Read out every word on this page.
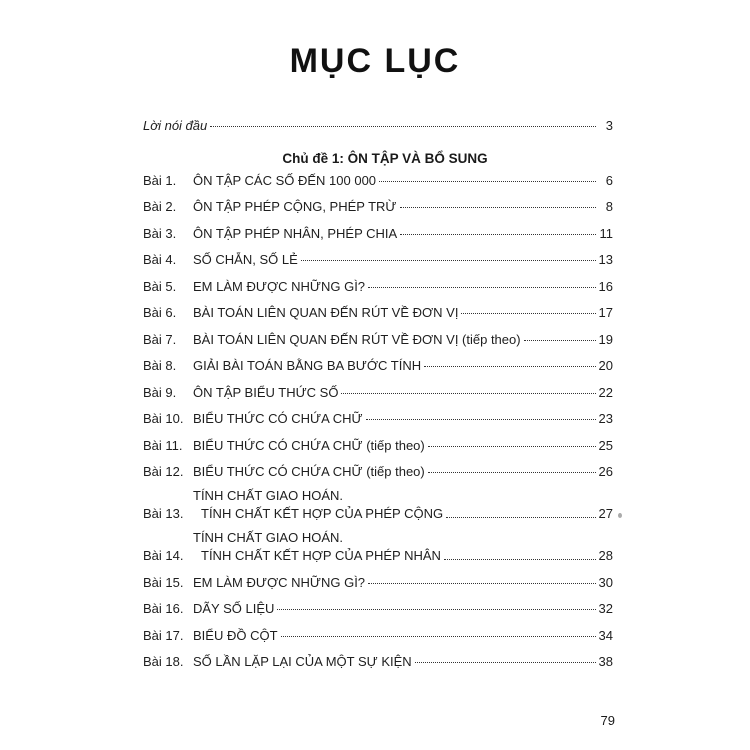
MỤC LỤC
Lời nói đầu	3
Chủ đề 1: ÔN TẬP VÀ BỔ SUNG
Bài 1.	ÔN TẬP CÁC SỐ ĐẾN 100 000	6
Bài 2.	ÔN TẬP PHÉP CỘNG, PHÉP TRỪ	8
Bài 3.	ÔN TẬP PHÉP NHÂN, PHÉP CHIA	11
Bài 4.	SỐ CHẴN, SỐ LẺ	13
Bài 5.	EM LÀM ĐƯỢC NHỮNG GÌ?	16
Bài 6.	BÀI TOÁN LIÊN QUAN ĐẾN RÚT VỀ ĐƠN VỊ	17
Bài 7.	BÀI TOÁN LIÊN QUAN ĐẾN RÚT VỀ ĐƠN VỊ (tiếp theo)	19
Bài 8.	GIẢI BÀI TOÁN BẰNG BA BƯỚC TÍNH	20
Bài 9.	ÔN TẬP BIỂU THỨC SỐ	22
Bài 10. BIỂU THỨC CÓ CHỨA CHỮ	23
Bài 11. BIỂU THỨC CÓ CHỨA CHỮ (tiếp theo)	25
Bài 12. BIỂU THỨC CÓ CHỨA CHỮ (tiếp theo)	26
Bài 13.
TÍNH CHẤT GIAO HOÁN.
TÍNH CHẤT KẾT HỢP CỦA PHÉP CỘNG	27
Bài 14.
TÍNH CHẤT GIAO HOÁN.
TÍNH CHẤT KẾT HỢP CỦA PHÉP NHÂN	28
Bài 15. EM LÀM ĐƯỢC NHỮNG GÌ?	30
Bài 16. DÃY SỐ LIỆU	32
Bài 17. BIỂU ĐỒ CỘT	34
Bài 18. SỐ LẦN LẶP LẠI CỦA MỘT SỰ KIỆN	38
79
